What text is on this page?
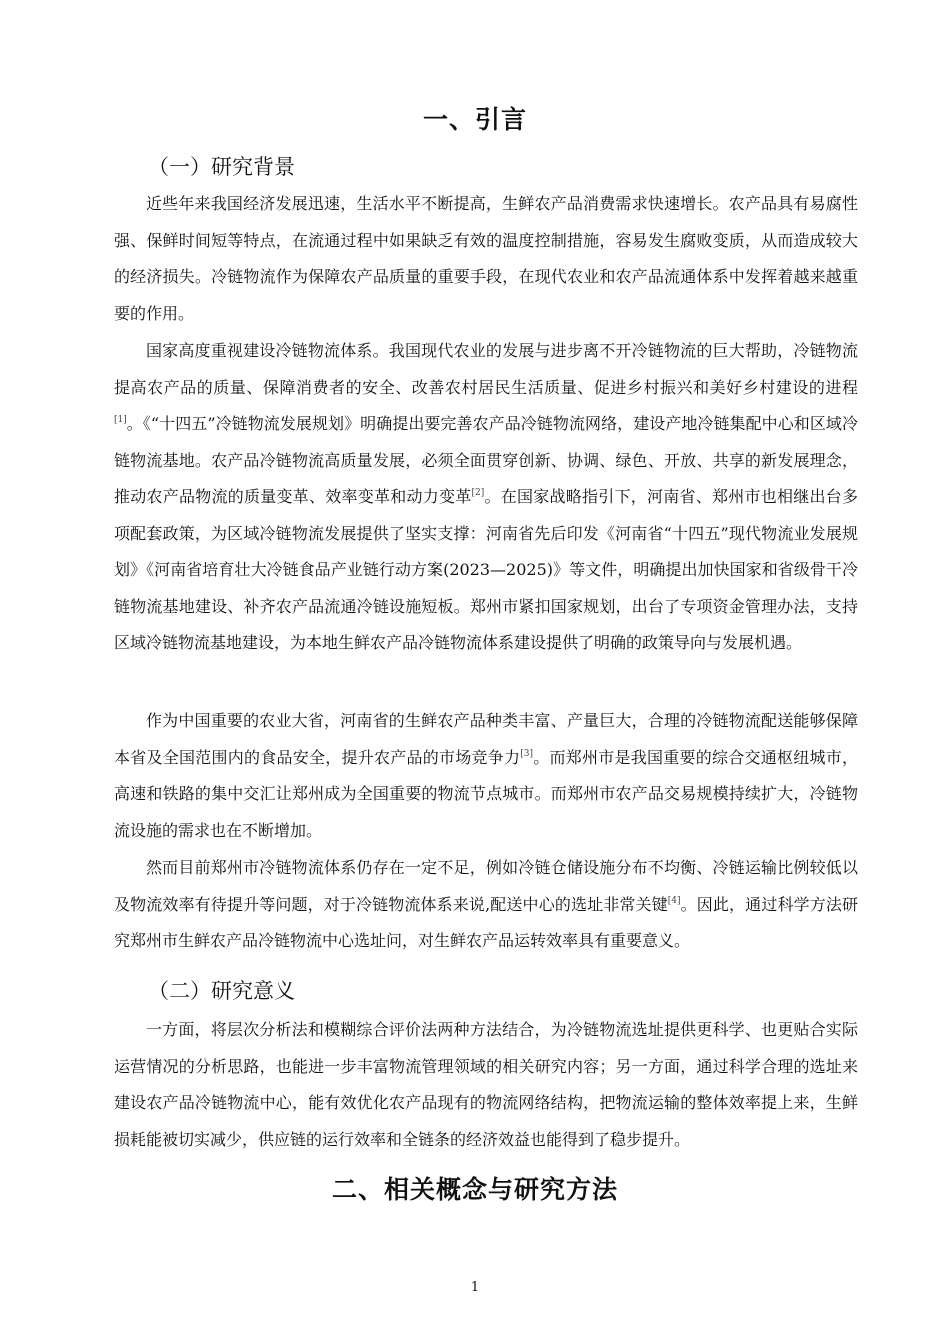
一、引言
（一）研究背景

近些年来我国经济发展迅速，生活水平不断提高，生鲜农产品消费需求快速增长。农产品具有易腐性强、保鲜时间短等特点，在流通过程中如果缺乏有效的温度控制措施，容易发生腐败变质，从而造成较大的经济损失。冷链物流作为保障农产品质量的重要手段，在现代农业和农产品流通体系中发挥着越来越重要的作用。

国家高度重视建设冷链物流体系。我国现代农业的发展与进步离不开冷链物流的巨大帮助，冷链物流提高农产品的质量、保障消费者的安全、改善农村居民生活质量、促进乡村振兴和美好乡村建设的进程[1]。《“十四五”冷链物流发展规划》明确提出要完善农产品冷链物流网络，建设产地冷链集配中心和区域冷链物流基地。农产品冷链物流高质量发展，必须全面贯穿创新、协调、绿色、开放、共享的新发展理念，推动农产品物流的质量变革、效率变革和动力变革[2]。在国家战略指引下，河南省、郑州市也相继出台多项配套政策，为区域冷链物流发展提供了坚实支撑：河南省先后印发《河南省“十四五”现代物流业发展规划》《河南省培育壮大冷链食品产业链行动方案(2023—2025)》等文件，明确提出加快国家和省级骨干冷链物流基地建设、补齐农产品流通冷链设施短板。郑州市紧扣国家规划，出台了专项资金管理办法，支持区域冷链物流基地建设，为本地生鲜农产品冷链物流体系建设提供了明确的政策导向与发展机遇。

作为中国重要的农业大省，河南省的生鲜农产品种类丰富、产量巨大，合理的冷链物流配送能够保障本省及全国范围内的食品安全，提升农产品的市场竞争力[3]。而郑州市是我国重要的综合交通枢纽城市，高速和铁路的集中交汇让郑州成为全国重要的物流节点城市。而郑州市农产品交易规模持续扩大，冷链物流设施的需求也在不断增加。

然而目前郑州市冷链物流体系仍存在一定不足，例如冷链仓储设施分布不均衡、冷链运输比例较低以及物流效率有待提升等问题，对于冷链物流体系来说,配送中心的选址非常关键[4]。因此，通过科学方法研究郑州市生鲜农产品冷链物流中心选址问，对生鲜农产品运转效率具有重要意义。

（二）研究意义

一方面，将层次分析法和模糊综合评价法两种方法结合，为冷链物流选址提供更科学、也更贴合实际运营情况的分析思路，也能进一步丰富物流管理领域的相关研究内容；另一方面，通过科学合理的选址来建设农产品冷链物流中心，能有效优化农产品现有的物流网络结构，把物流运输的整体效率提上来，生鲜损耗能被切实减少，供应链的运行效率和全链条的经济效益也能得到了稳步提升。

二、相关概念与研究方法

1
